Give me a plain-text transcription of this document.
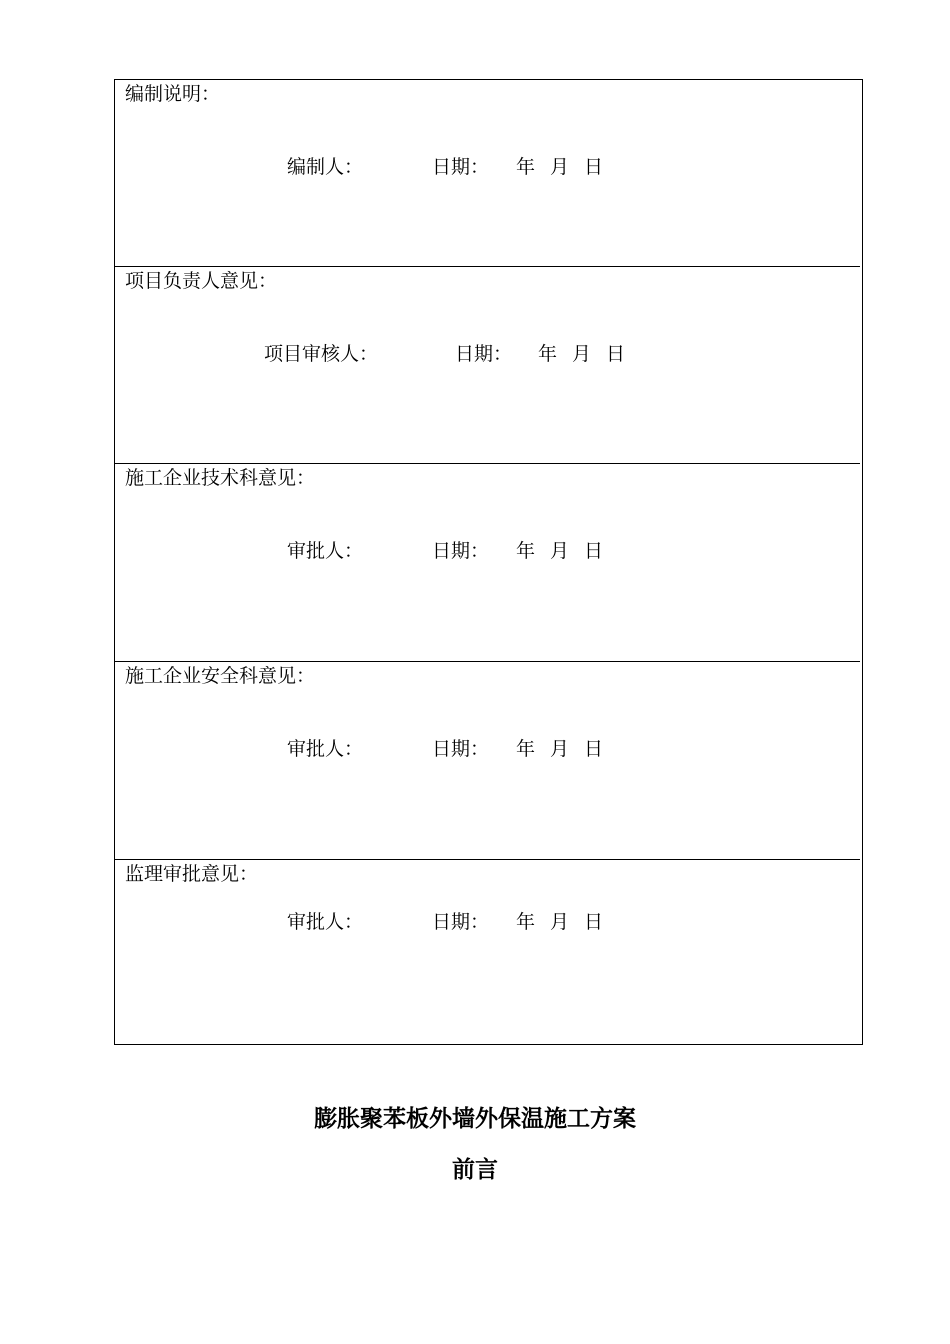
编制说明：
编制人：	日期： 年 月 日
项目负责人意见：
项目审核人：	日期： 年 月 日
施工企业技术科意见：
审批人：	日期： 年 月 日
施工企业安全科意见：
审批人：	日期： 年 月 日
监理审批意见：
审批人：	日期： 年 月 日
膨胀聚苯板外墙外保温施工方案
前言
